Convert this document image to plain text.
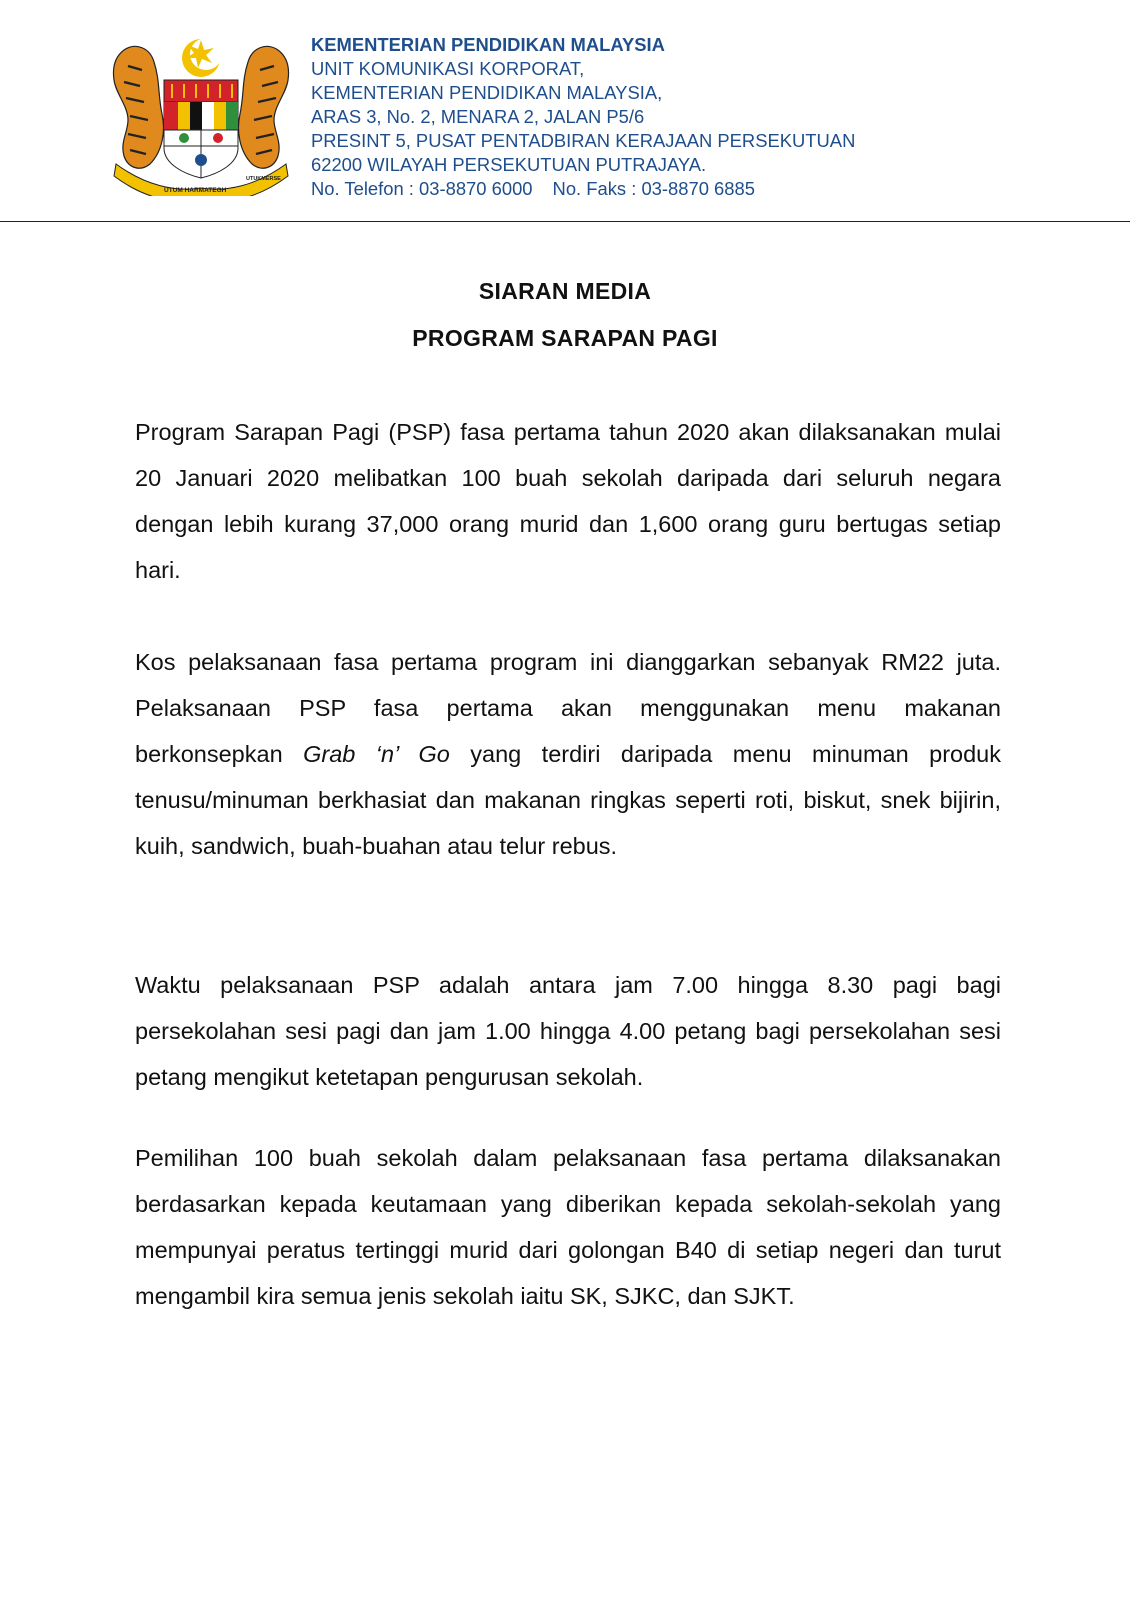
UTUM HARMATEGH
UTUKMERSE
KEMENTERIAN PENDIDIKAN MALAYSIA
UNIT KOMUNIKASI KORPORAT,
KEMENTERIAN PENDIDIKAN MALAYSIA,
ARAS 3, No. 2, MENARA 2, JALAN P5/6
PRESINT 5, PUSAT PENTADBIRAN KERAJAAN PERSEKUTUAN
62200 WILAYAH PERSEKUTUAN PUTRAJAYA.
No. Telefon : 03-8870 6000 No. Faks : 03-8870 6885
SIARAN MEDIA
PROGRAM SARAPAN PAGI

Program Sarapan Pagi (PSP) fasa pertama tahun 2020 akan dilaksanakan mulai 20 Januari 2020 melibatkan 100 buah sekolah daripada dari seluruh negara dengan lebih kurang 37,000 orang murid dan 1,600 orang guru bertugas setiap hari.

Kos pelaksanaan fasa pertama program ini dianggarkan sebanyak RM22 juta. Pelaksanaan PSP fasa pertama akan menggunakan menu makanan berkonsepkan Grab ‘n’ Go yang terdiri daripada menu minuman produk tenusu/minuman berkhasiat dan makanan ringkas seperti roti, biskut, snek bijirin, kuih, sandwich, buah-buahan atau telur rebus.

Waktu pelaksanaan PSP adalah antara jam 7.00 hingga 8.30 pagi bagi persekolahan sesi pagi dan jam 1.00 hingga 4.00 petang bagi persekolahan sesi petang mengikut ketetapan pengurusan sekolah.

Pemilihan 100 buah sekolah dalam pelaksanaan fasa pertama dilaksanakan berdasarkan kepada keutamaan yang diberikan kepada sekolah-sekolah yang mempunyai peratus tertinggi murid dari golongan B40 di setiap negeri dan turut mengambil kira semua jenis sekolah iaitu SK, SJKC, dan SJKT.
